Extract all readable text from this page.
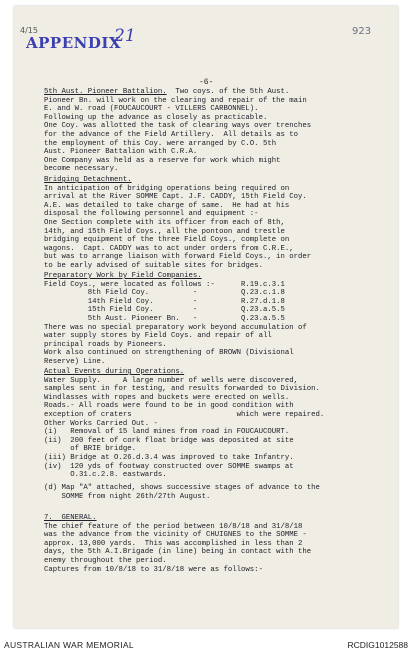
4/15
APPENDIX
21	923
-6-
5th Aust. Pioneer Battalion.  Two coys. of the 5th Aust.
Pioneer Bn. will work on the clearing and repair of the main
E. and W. road (FOUCAUCOURT - VILLERS CARBONNEL).
Following up the advance as closely as practicable.
One Coy. was allotted the task of clearing ways over trenches
for the advance of the Field Artillery.  All details as to
the employment of this Coy. were arranged by C.O. 5th
Aust. Pioneer Battalion with C.R.A.
One Company was held as a reserve for work which might
become necessary.
Bridging Detachment.
In anticipation of bridging operations being required on
arrival at the River SOMME Capt. J.F. CADDY, 15th Field Coy.
A.E. was detailed to take charge of same.  He had at his
disposal the following personnel and equipment :-
One Section complete with its officer from each of 8th,
14th, and 15th Field Coys., all the pontoon and trestle
bridging equipment of the three Field Coys., complete on
wagons.  Capt. CADDY was to act under orders from C.R.E.,
but was to arrange liaison with forward Field Coys., in order
to be early advised of suitable sites for bridges.
Preparatory Work by Field Companies.
Field Coys., were located as follows :-      R.19.c.3.1
8th Field Coy.          -          Q.23.c.1.8
14th Field Coy.         -          R.27.d.1.8
15th Field Coy.         -          Q.23.a.5.5
5th Aust. Pioneer Bn.   -          Q.23.a.5.5
There was no special preparatory work beyond accumulation of
water supply stores by Field Coys. and repair of all
principal roads by Pioneers.
Work also continued on strengthening of BROWN (Divisional
Reserve) Line.
Actual Events during Operations.
Water Supply.     A large number of wells were discovered,
samples sent in for testing, and results forwarded to Division.
Windlasses with ropes and buckets were erected on wells.
Roads.- All roads were found to be in good condition with
exception of craters                        which were repaired.
Other Works Carried Out. -
(i)   Removal of 15 land mines from road in FOUCAUCOURT.
(ii)  200 feet of cork float bridge was deposited at site
of BRIE bridge.
(iii) Bridge at O.26.d.3.4 was improved to take Infantry.
(iv)  120 yds of footway constructed over SOMME swamps at
O.31.c.2.8. eastwards.
(d) Map "A" attached, shows successive stages of advance to the
SOMME from night 26th/27th August.
7.  GENERAL.
The chief feature of the period between 10/8/18 and 31/8/18
was the advance from the vicinity of CHUIGNES to the SOMME -
approx. 13,000 yards.  This was accomplished in less than 2
days, the 5th A.I.Brigade (in line) being in contact with the
enemy throughout the period.
Captures from 10/8/18 to 31/8/18 were as follows:-
AUSTRALIAN WAR MEMORIAL	RCDIG1012588
